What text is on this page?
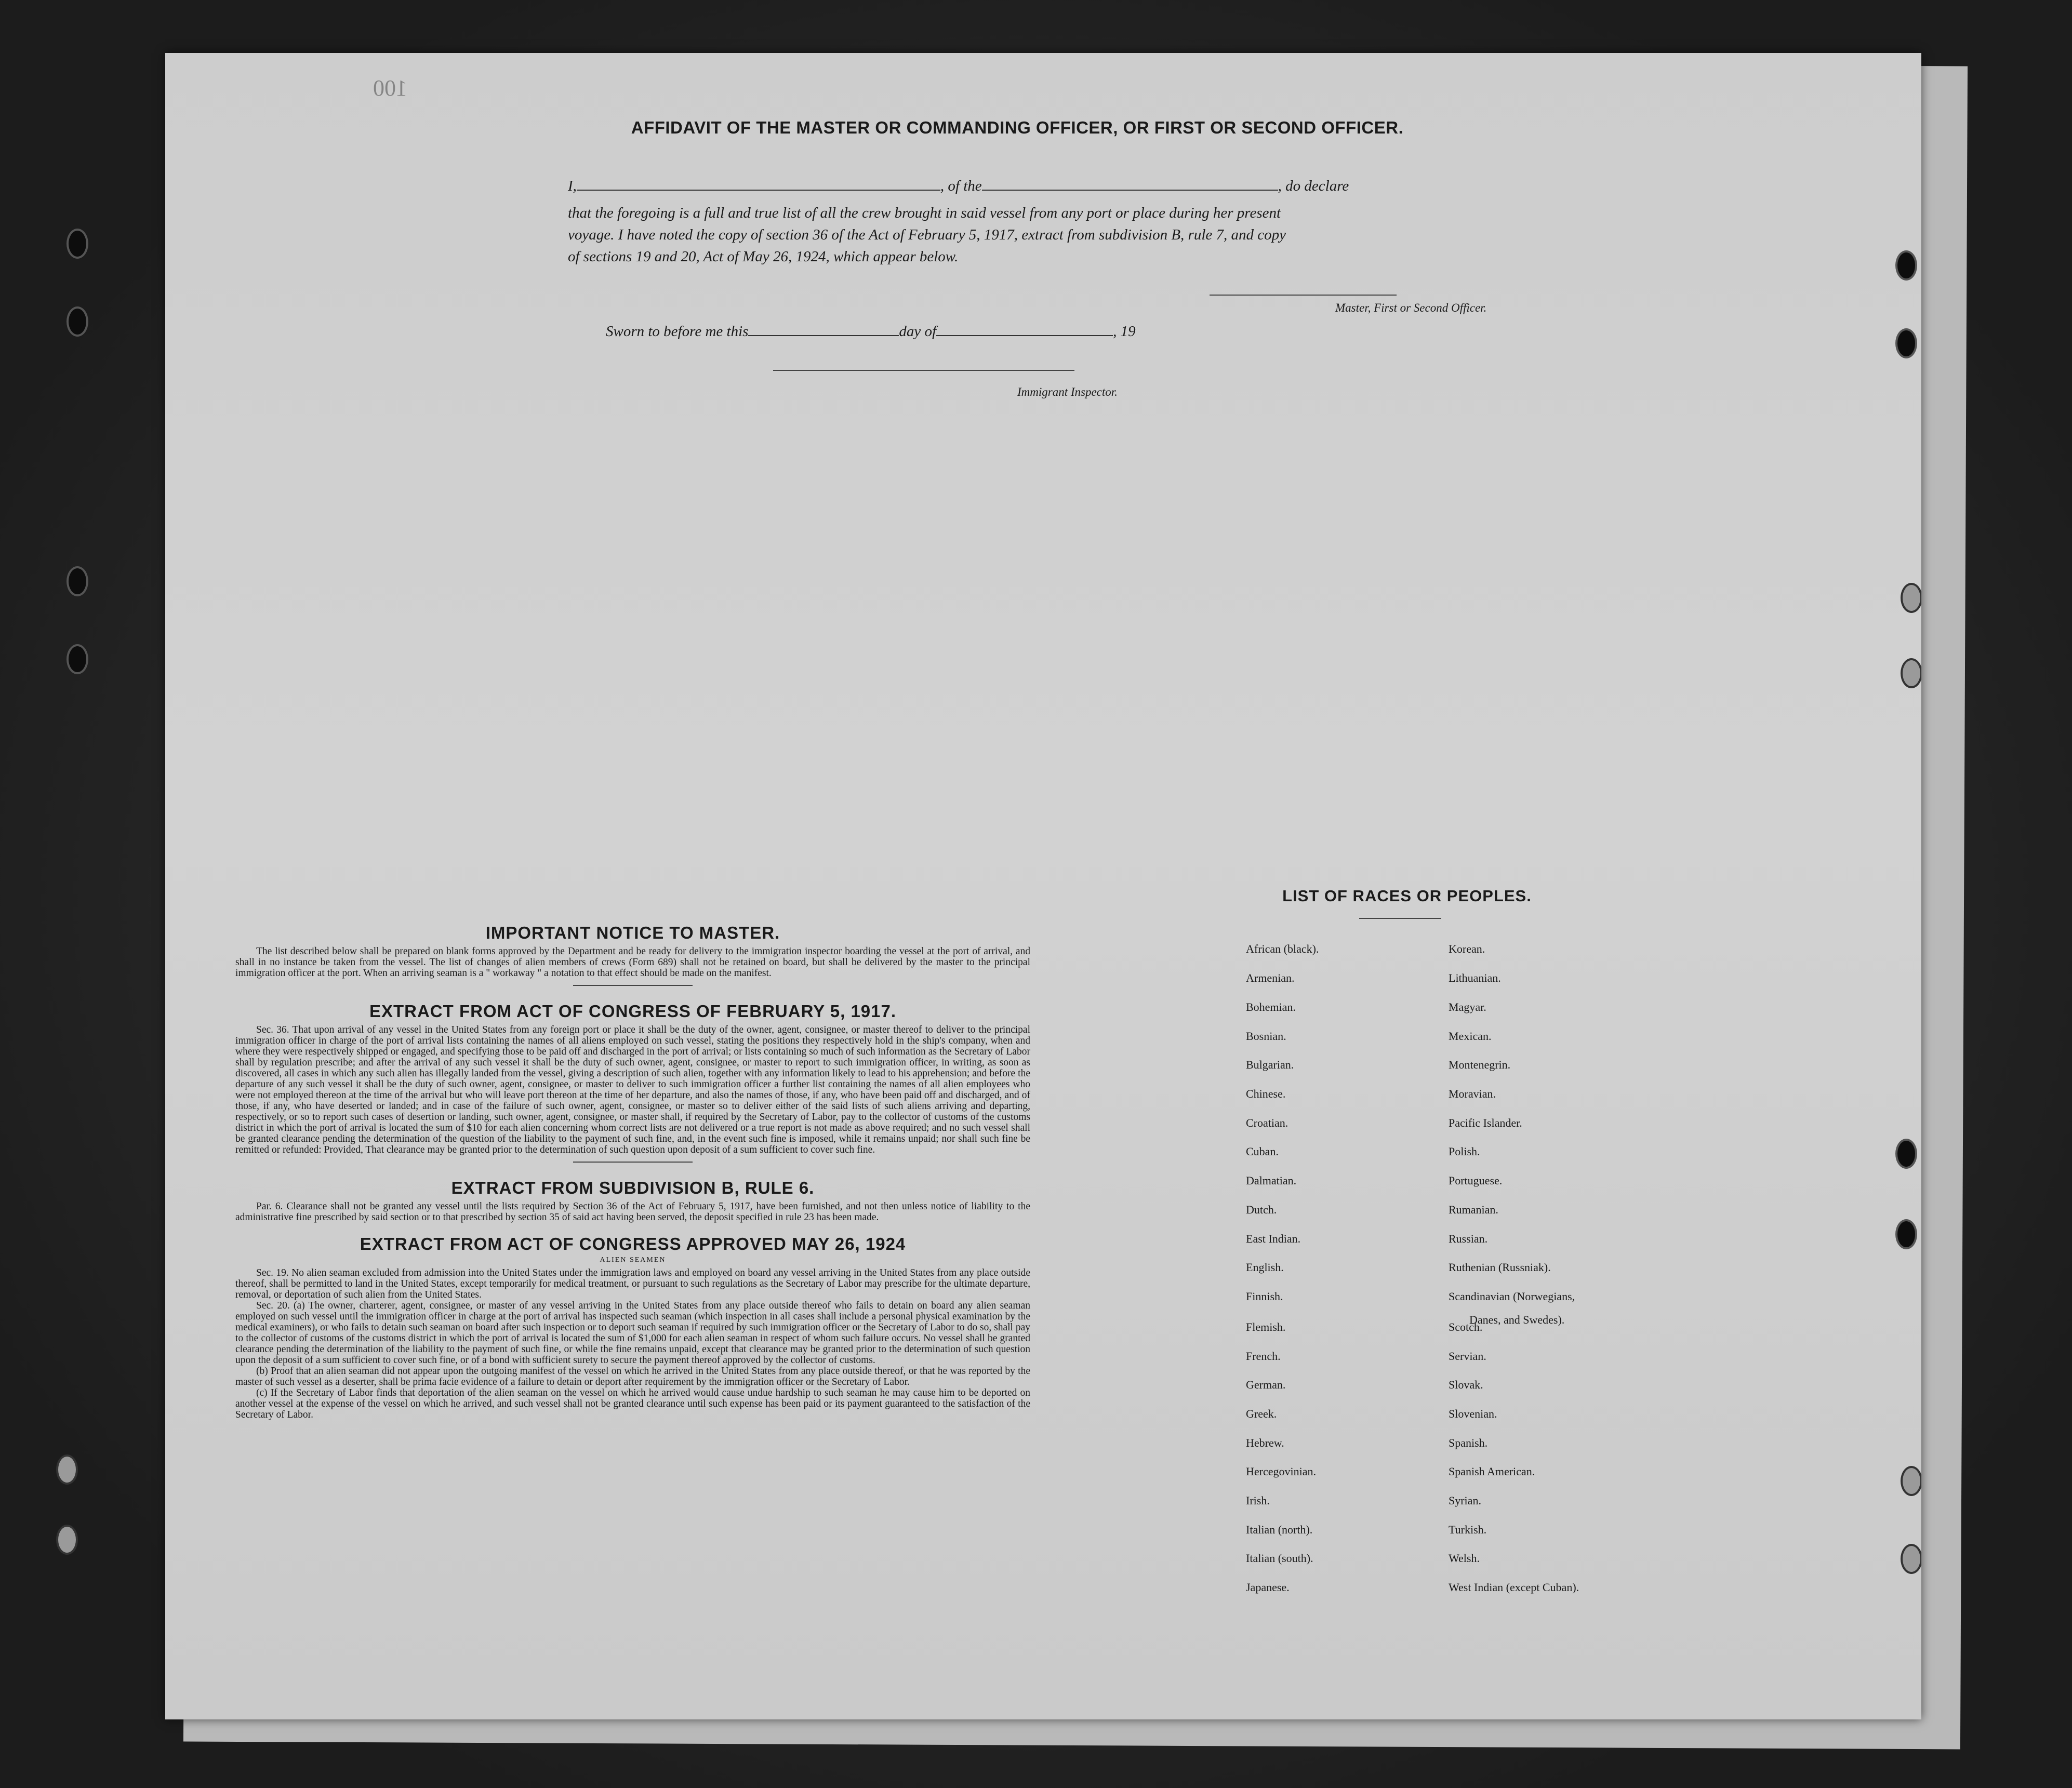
100
AFFIDAVIT OF THE MASTER OR COMMANDING OFFICER, OR FIRST OR SECOND OFFICER.
I,	, of the	, do declare
that the foregoing is a full and true list of all the crew brought in said vessel from any port or place during her present
voyage. I have noted the copy of section 36 of the Act of February 5, 1917, extract from subdivision B, rule 7, and copy
of sections 19 and 20, Act of May 26, 1924, which appear below.
Master, First or Second Officer.
Sworn to before me this	day of	, 19
Immigrant Inspector.

IMPORTANT NOTICE TO MASTER.

The list described below shall be prepared on blank forms approved by the Department and be ready for delivery to the immigration inspector boarding the vessel at the port of arrival, and shall in no instance be taken from the vessel. The list of changes of alien members of crews (Form 689) shall not be retained on board, but shall be delivered by the master to the principal immigration officer at the port. When an arriving seaman is a " workaway " a notation to that effect should be made on the manifest.

EXTRACT FROM ACT OF CONGRESS OF FEBRUARY 5, 1917.

Sec. 36. That upon arrival of any vessel in the United States from any foreign port or place it shall be the duty of the owner, agent, consignee, or master thereof to deliver to the principal immigration officer in charge of the port of arrival lists containing the names of all aliens employed on such vessel, stating the positions they respectively hold in the ship's company, when and where they were respectively shipped or engaged, and specifying those to be paid off and discharged in the port of arrival; or lists containing so much of such information as the Secretary of Labor shall by regulation prescribe; and after the arrival of any such vessel it shall be the duty of such owner, agent, consignee, or master to report to such immigration officer, in writing, as soon as discovered, all cases in which any such alien has illegally landed from the vessel, giving a description of such alien, together with any information likely to lead to his apprehension; and before the departure of any such vessel it shall be the duty of such owner, agent, consignee, or master to deliver to such immigration officer a further list containing the names of all alien employees who were not employed thereon at the time of the arrival but who will leave port thereon at the time of her departure, and also the names of those, if any, who have been paid off and discharged, and of those, if any, who have deserted or landed; and in case of the failure of such owner, agent, consignee, or master so to deliver either of the said lists of such aliens arriving and departing, respectively, or so to report such cases of desertion or landing, such owner, agent, consignee, or master shall, if required by the Secretary of Labor, pay to the collector of customs of the customs district in which the port of arrival is located the sum of $10 for each alien concerning whom correct lists are not delivered or a true report is not made as above required; and no such vessel shall be granted clearance pending the determination of the question of the liability to the payment of such fine, and, in the event such fine is imposed, while it remains unpaid; nor shall such fine be remitted or refunded: Provided, That clearance may be granted prior to the determination of such question upon deposit of a sum sufficient to cover such fine.

EXTRACT FROM SUBDIVISION B, RULE 6.

Par. 6. Clearance shall not be granted any vessel until the lists required by Section 36 of the Act of February 5, 1917, have been furnished, and not then unless notice of liability to the administrative fine prescribed by said section or to that prescribed by section 35 of said act having been served, the deposit specified in rule 23 has been made.

EXTRACT FROM ACT OF CONGRESS APPROVED MAY 26, 1924

ALIEN SEAMEN

Sec. 19. No alien seaman excluded from admission into the United States under the immigration laws and employed on board any vessel arriving in the United States from any place outside thereof, shall be permitted to land in the United States, except temporarily for medical treatment, or pursuant to such regulations as the Secretary of Labor may prescribe for the ultimate departure, removal, or deportation of such alien from the United States.

Sec. 20. (a) The owner, charterer, agent, consignee, or master of any vessel arriving in the United States from any place outside thereof who fails to detain on board any alien seaman employed on such vessel until the immigration officer in charge at the port of arrival has inspected such seaman (which inspection in all cases shall include a personal physical examination by the medical examiners), or who fails to detain such seaman on board after such inspection or to deport such seaman if required by such immigration officer or the Secretary of Labor to do so, shall pay to the collector of customs of the customs district in which the port of arrival is located the sum of $1,000 for each alien seaman in respect of whom such failure occurs. No vessel shall be granted clearance pending the determination of the liability to the payment of such fine, or while the fine remains unpaid, except that clearance may be granted prior to the determination of such question upon the deposit of a sum sufficient to cover such fine, or of a bond with sufficient surety to secure the payment thereof approved by the collector of customs.

(b) Proof that an alien seaman did not appear upon the outgoing manifest of the vessel on which he arrived in the United States from any place outside thereof, or that he was reported by the master of such vessel as a deserter, shall be prima facie evidence of a failure to detain or deport after requirement by the immigration officer or the Secretary of Labor.

(c) If the Secretary of Labor finds that deportation of the alien seaman on the vessel on which he arrived would cause undue hardship to such seaman he may cause him to be deported on another vessel at the expense of the vessel on which he arrived, and such vessel shall not be granted clearance until such expense has been paid or its payment guaranteed to the satisfaction of the Secretary of Labor.

LIST OF RACES OR PEOPLES.
Danes, and Swedes).
African (black).
Armenian.
Bohemian.
Bosnian.
Bulgarian.
Chinese.
Croatian.
Cuban.
Dalmatian.
Dutch.
East Indian.
English.
Finnish.
Flemish.
French.
German.
Greek.
Hebrew.
Hercegovinian.
Irish.
Italian (north).
Italian (south).
Japanese.
Korean.
Lithuanian.
Magyar.
Mexican.
Montenegrin.
Moravian.
Pacific Islander.
Polish.
Portuguese.
Rumanian.
Russian.
Ruthenian (Russniak).
Scandinavian (Norwegians,
Scotch.
Servian.
Slovak.
Slovenian.
Spanish.
Spanish American.
Syrian.
Turkish.
Welsh.
West Indian (except Cuban).
